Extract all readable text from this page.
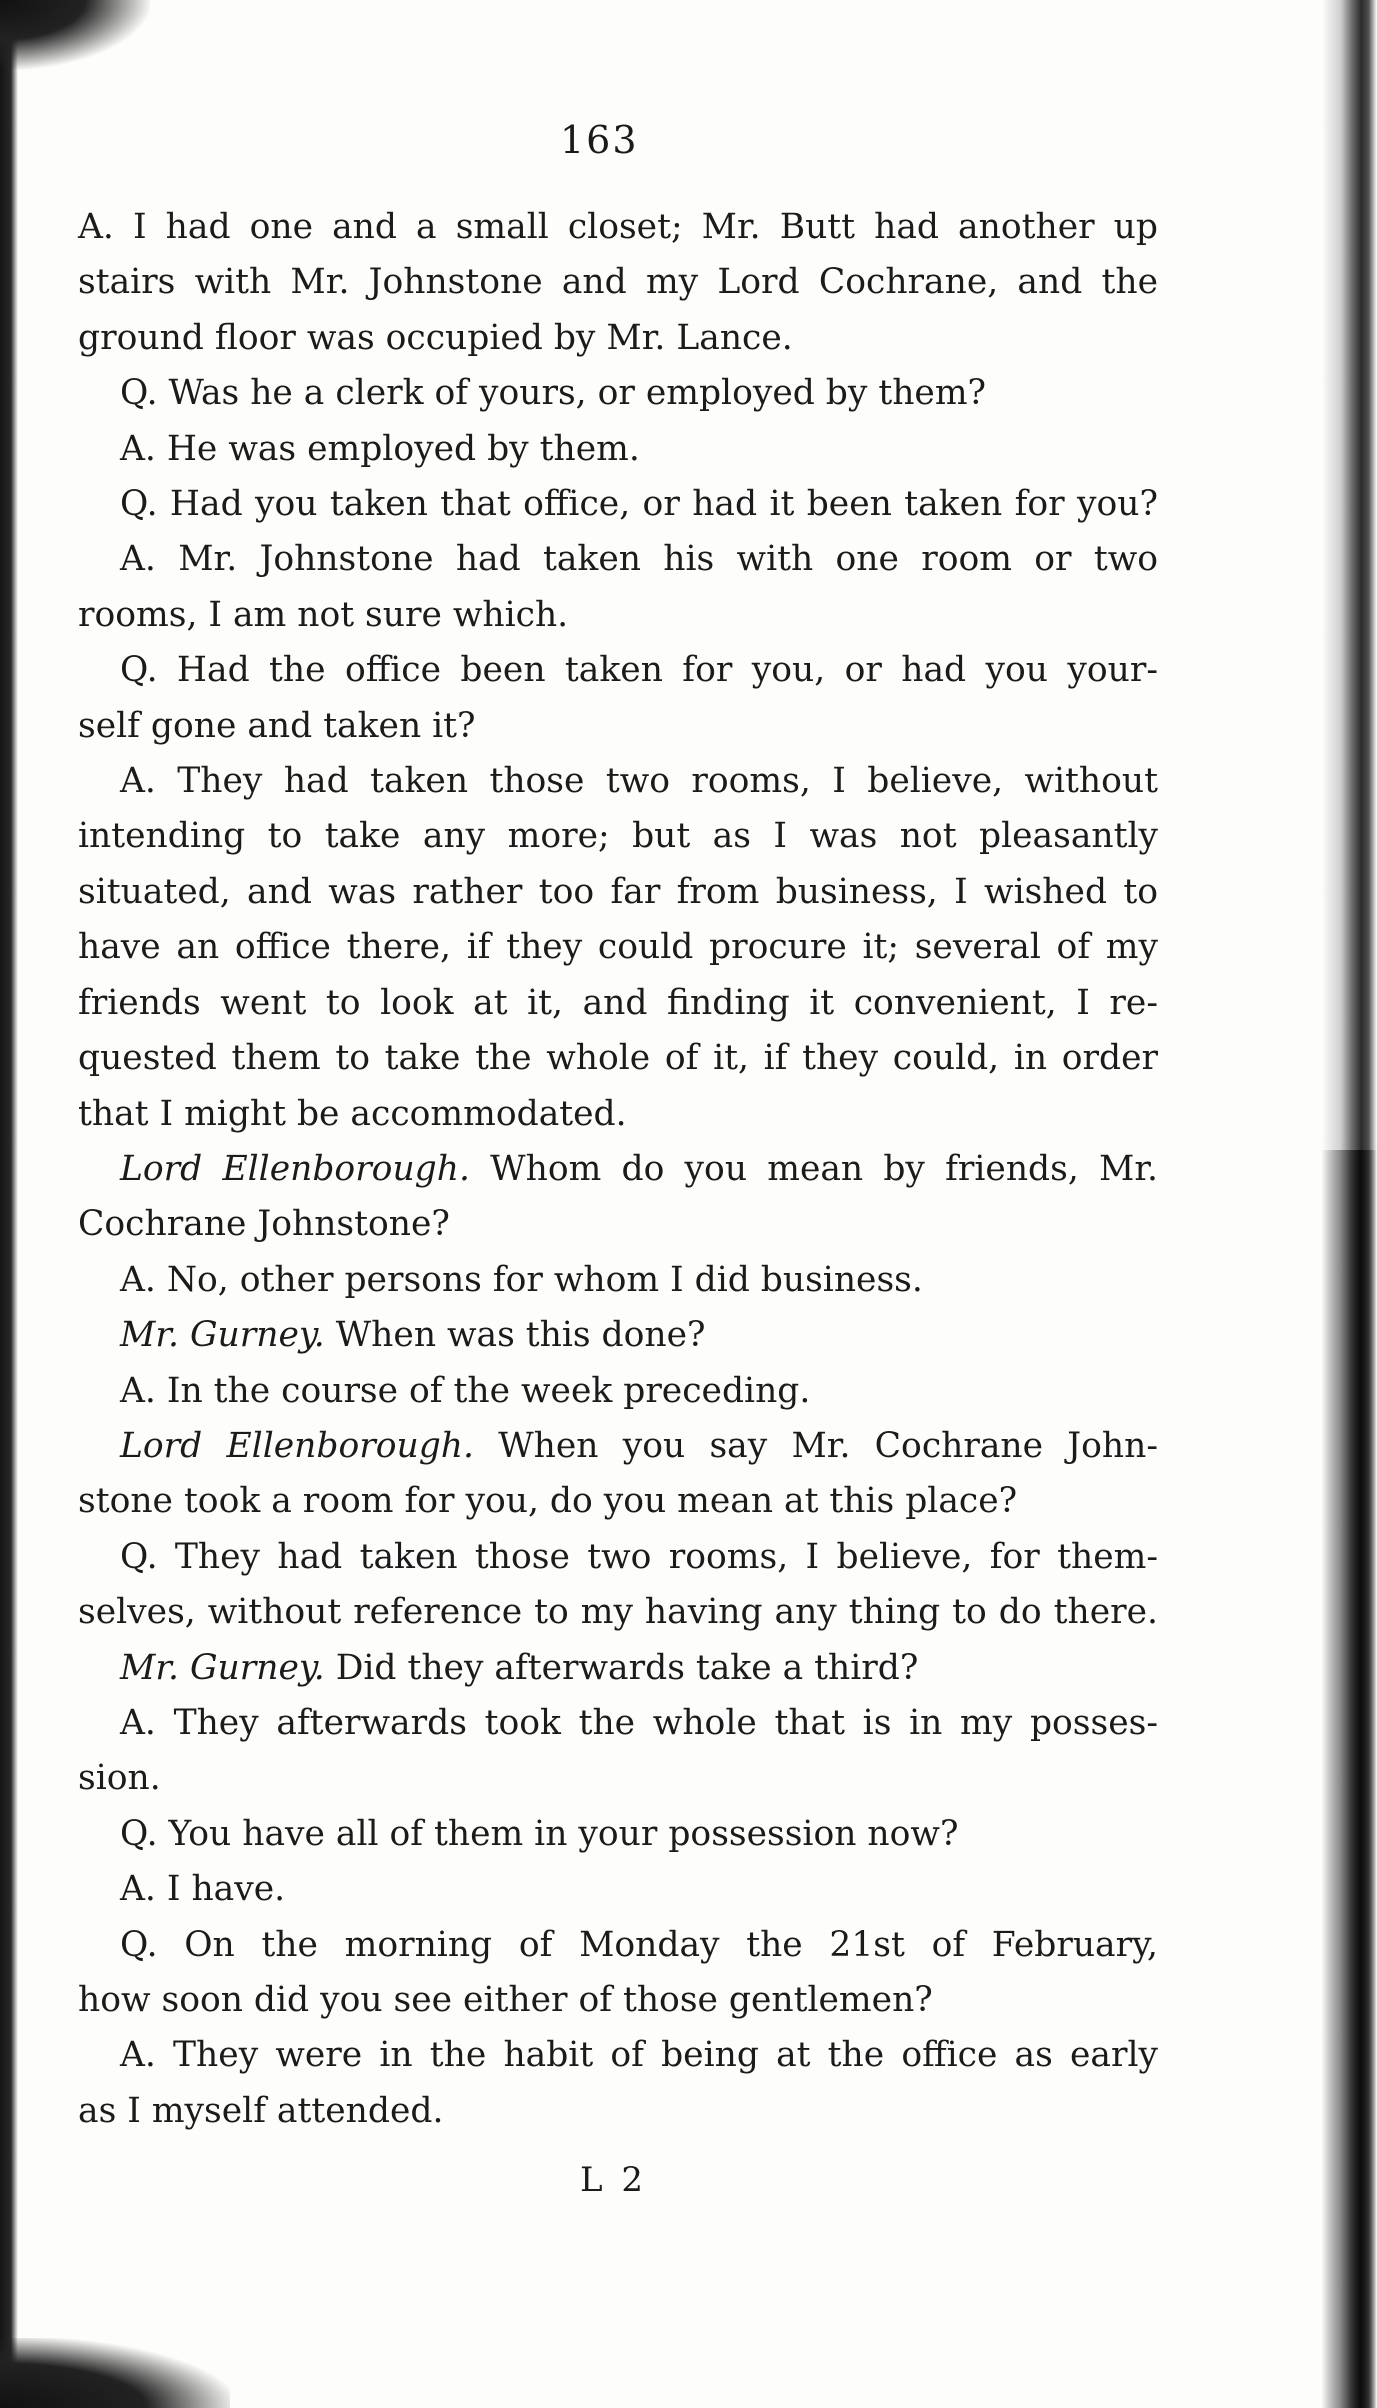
163
A. I had one and a small closet; Mr. Butt had another up
stairs with Mr. Johnstone and my Lord Cochrane, and the
ground floor was occupied by Mr. Lance.
Q. Was he a clerk of yours, or employed by them?
A. He was employed by them.
Q. Had you taken that office, or had it been taken for you?
A. Mr. Johnstone had taken his with one room or two
rooms, I am not sure which.
Q. Had the office been taken for you, or had you your-
self gone and taken it?
A. They had taken those two rooms, I believe, without
intending to take any more; but as I was not pleasantly
situated, and was rather too far from business, I wished to
have an office there, if they could procure it; several of my
friends went to look at it, and finding it convenient, I re-
quested them to take the whole of it, if they could, in order
that I might be accommodated.
Lord Ellenborough. Whom do you mean by friends, Mr.
Cochrane Johnstone?
A. No, other persons for whom I did business.
Mr. Gurney. When was this done?
A. In the course of the week preceding.
Lord Ellenborough. When you say Mr. Cochrane John-
stone took a room for you, do you mean at this place?
Q. They had taken those two rooms, I believe, for them-
selves, without reference to my having any thing to do there.
Mr. Gurney. Did they afterwards take a third?
A. They afterwards took the whole that is in my posses-
sion.
Q. You have all of them in your possession now?
A. I have.
Q. On the morning of Monday the 21st of February,
how soon did you see either of those gentlemen?
A. They were in the habit of being at the office as early
as I myself attended.
L 2
